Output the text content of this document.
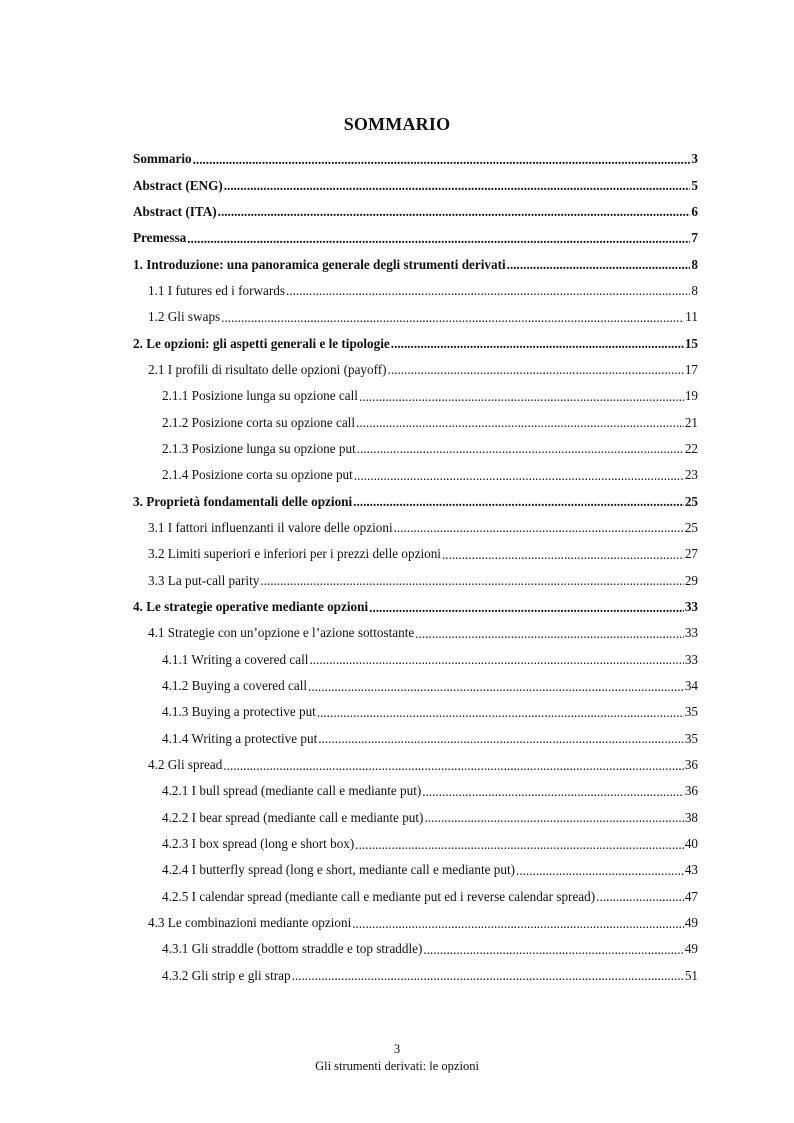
SOMMARIO
Sommario .....	3
Abstract (ENG) .....	5
Abstract (ITA) .....	6
Premessa .....	7
1. Introduzione: una panoramica generale degli strumenti derivati .....	8
1.1 I futures ed i forwards .....	8
1.2 Gli swaps .....	11
2. Le opzioni: gli aspetti generali e le tipologie .....	15
2.1 I profili di risultato delle opzioni (payoff) .....	17
2.1.1 Posizione lunga su opzione call .....	19
2.1.2 Posizione corta su opzione call .....	21
2.1.3 Posizione lunga su opzione put .....	22
2.1.4 Posizione corta su opzione put .....	23
3. Proprietà fondamentali delle opzioni .....	25
3.1 I fattori influenzanti il valore delle opzioni .....	25
3.2 Limiti superiori e inferiori per i prezzi delle opzioni .....	27
3.3 La put-call parity .....	29
4. Le strategie operative mediante opzioni .....	33
4.1 Strategie con un’opzione e l’azione sottostante .....	33
4.1.1 Writing a covered call .....	33
4.1.2 Buying a covered call .....	34
4.1.3 Buying a protective put .....	35
4.1.4 Writing a protective put .....	35
4.2 Gli spread .....	36
4.2.1 I bull spread (mediante call e mediante put) .....	36
4.2.2 I bear spread (mediante call e mediante put) .....	38
4.2.3 I box spread (long e short box) .....	40
4.2.4 I butterfly spread (long e short, mediante call e mediante put) .....	43
4.2.5 I calendar spread (mediante call e mediante put ed i reverse calendar spread) .....	47
4.3 Le combinazioni mediante opzioni .....	49
4.3.1 Gli straddle (bottom straddle e top straddle) .....	49
4.3.2 Gli strip e gli strap .....	51
3
Gli strumenti derivati: le opzioni
